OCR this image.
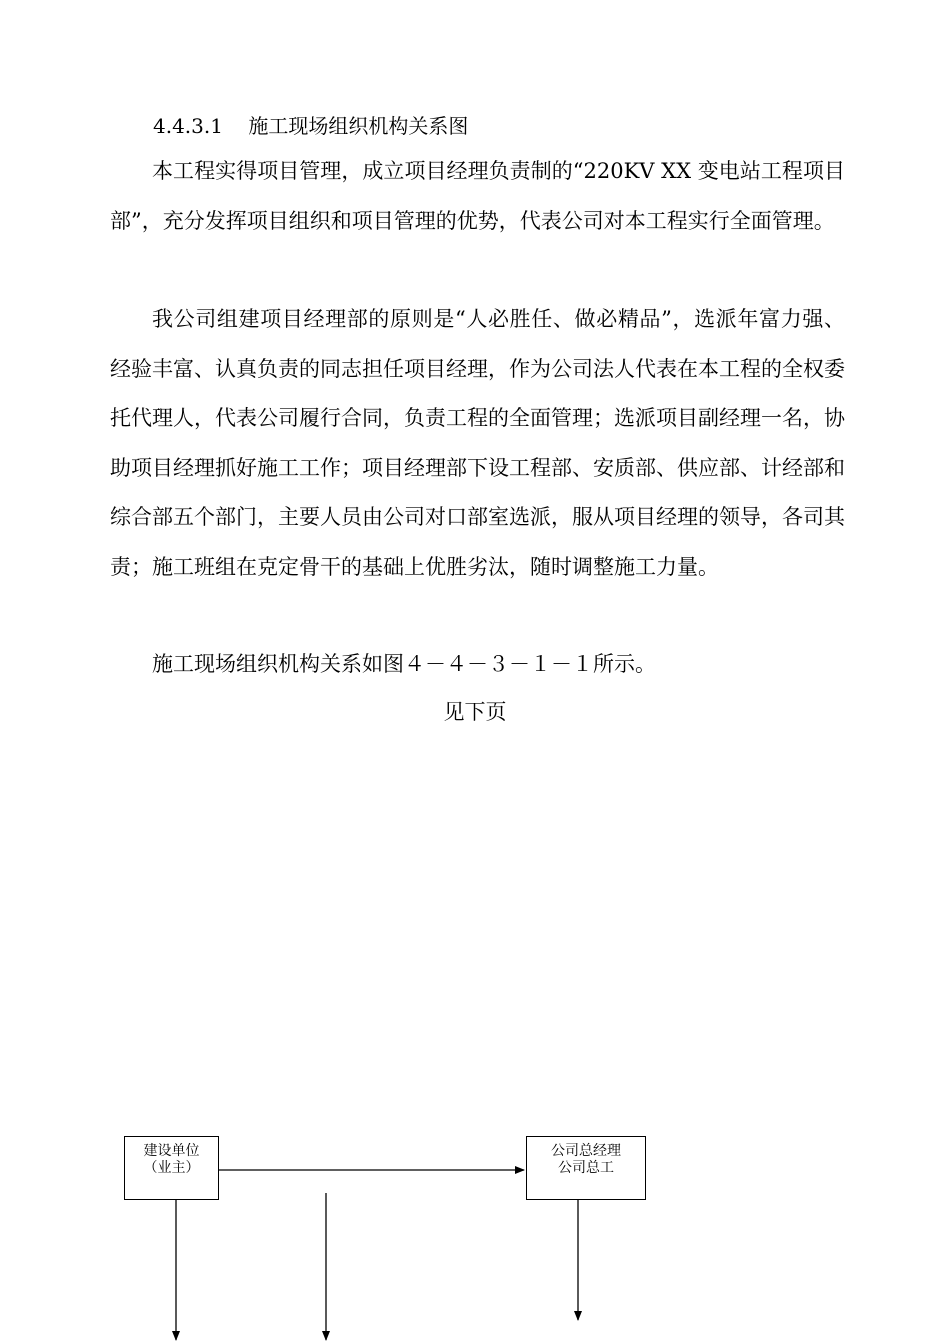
4.4.3.1    施工现场组织机构关系图

本工程实得项目管理，成立项目经理负责制的“220KV XX 变电站工程项目部”，充分发挥项目组织和项目管理的优势，代表公司对本工程实行全面管理。

我公司组建项目经理部的原则是“人必胜任、做必精品”，选派年富力强、经验丰富、认真负责的同志担任项目经理，作为公司法人代表在本工程的全权委托代理人，代表公司履行合同，负责工程的全面管理；选派项目副经理一名，协助项目经理抓好施工工作；项目经理部下设工程部、安质部、供应部、计经部和综合部五个部门，主要人员由公司对口部室选派，服从项目经理的领导，各司其责；施工班组在克定骨干的基础上优胜劣汰，随时调整施工力量。

施工现场组织机构关系如图４－４－３－１－１所示。

见下页
建设单位
（业主）
公司总经理
公司总工
